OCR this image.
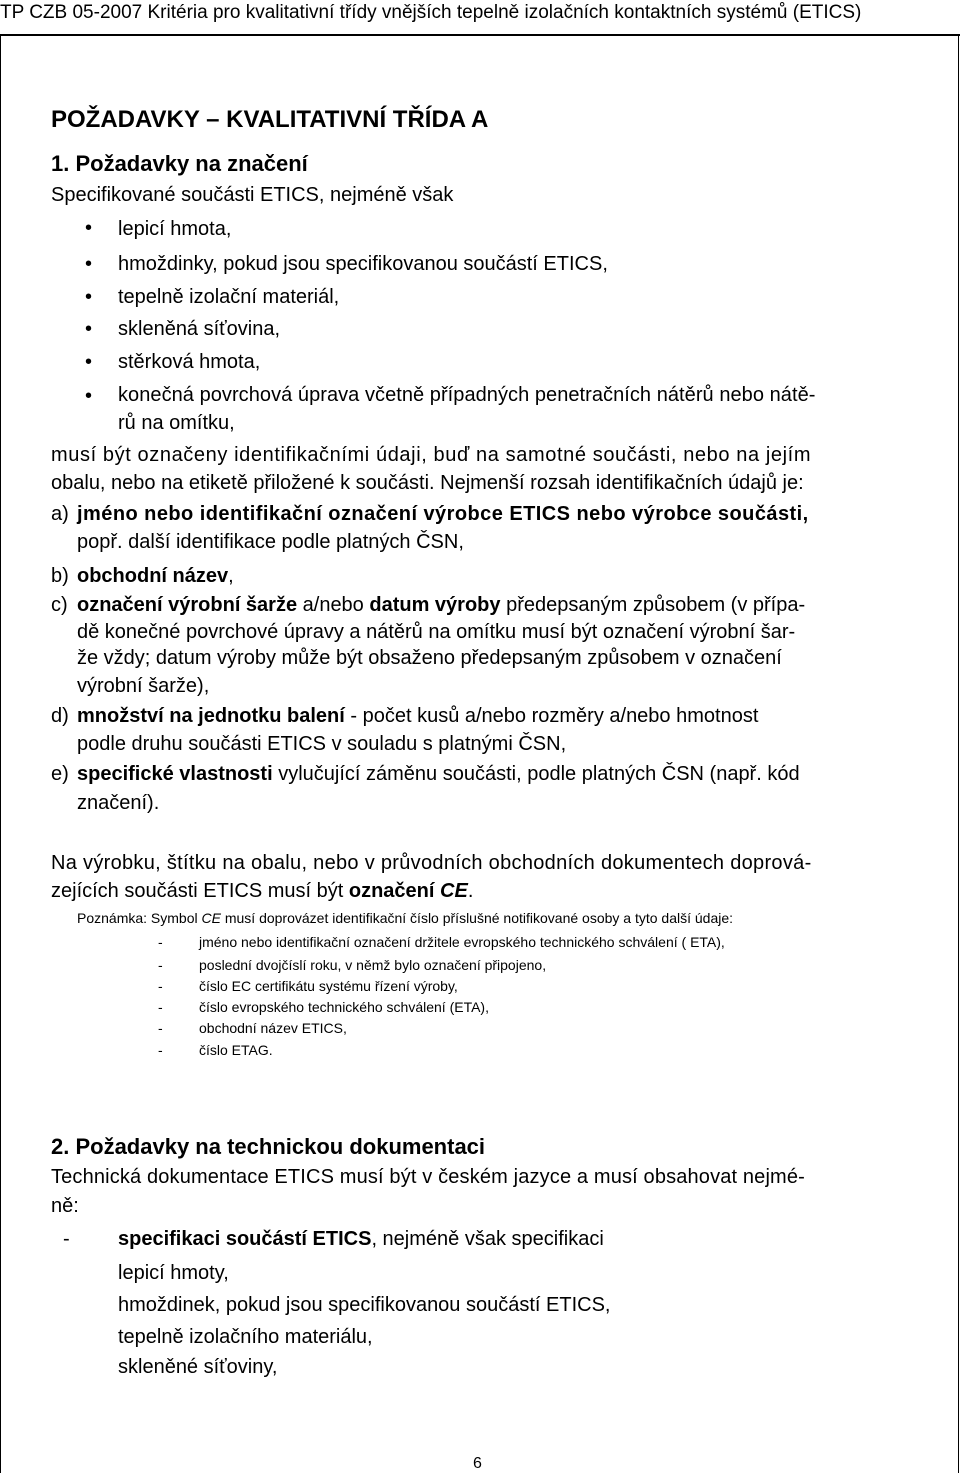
TP CZB 05-2007 Kritéria pro kvalitativní třídy vnějších tepelně izolačních kontaktních systémů (ETICS)
POŽADAVKY – KVALITATIVNÍ TŘÍDA A
1. Požadavky na značení
Specifikované součásti ETICS, nejméně však
• lepicí hmota,
• hmoždinky, pokud jsou specifikovanou součástí ETICS,
• tepelně izolační materiál,
• skleněná síťovina,
• stěrková hmota,
• konečná povrchová úprava včetně případných penetračních nátěrů nebo nátě-
rů na omítku,
musí být označeny identifikačními údaji, buď na samotné součásti, nebo na jejím
obalu, nebo na etiketě přiložené k součásti. Nejmenší rozsah identifikačních údajů je:
a) jméno nebo identifikační označení výrobce ETICS nebo výrobce součásti,
popř. další identifikace podle platných ČSN,
b) obchodní název,
c) označení výrobní šarže a/nebo datum výroby předepsaným způsobem (v přípa-
dě konečné povrchové úpravy a nátěrů na omítku musí být označení výrobní šar-
že vždy; datum výroby může být obsaženo předepsaným způsobem v označení
výrobní šarže),
d) množství na jednotku balení - počet kusů a/nebo rozměry a/nebo hmotnost
podle druhu součásti ETICS v souladu s platnými ČSN,
e) specifické vlastnosti vylučující záměnu součásti, podle platných ČSN (např. kód
značení).
Na výrobku, štítku na obalu, nebo v průvodních obchodních dokumentech doprová-
zejících součásti ETICS musí být označení CE.
Poznámka: Symbol CE musí doprovázet identifikační číslo příslušné notifikované osoby a tyto další údaje:
-	jméno nebo identifikační označení držitele evropského technického schválení ( ETA),
-	poslední dvojčíslí roku, v němž bylo označení připojeno,
-	číslo EC certifikátu systému řízení výroby,
-	číslo evropského technického schválení (ETA),
-	obchodní název ETICS,
-	číslo ETAG.
2. Požadavky na technickou dokumentaci
Technická dokumentace ETICS musí být v českém jazyce a musí obsahovat nejmé-
ně:
- specifikaci součástí ETICS, nejméně však specifikaci
lepicí hmoty,
hmoždinek, pokud jsou specifikovanou součástí ETICS,
tepelně izolačního materiálu,
skleněné síťoviny,
6
